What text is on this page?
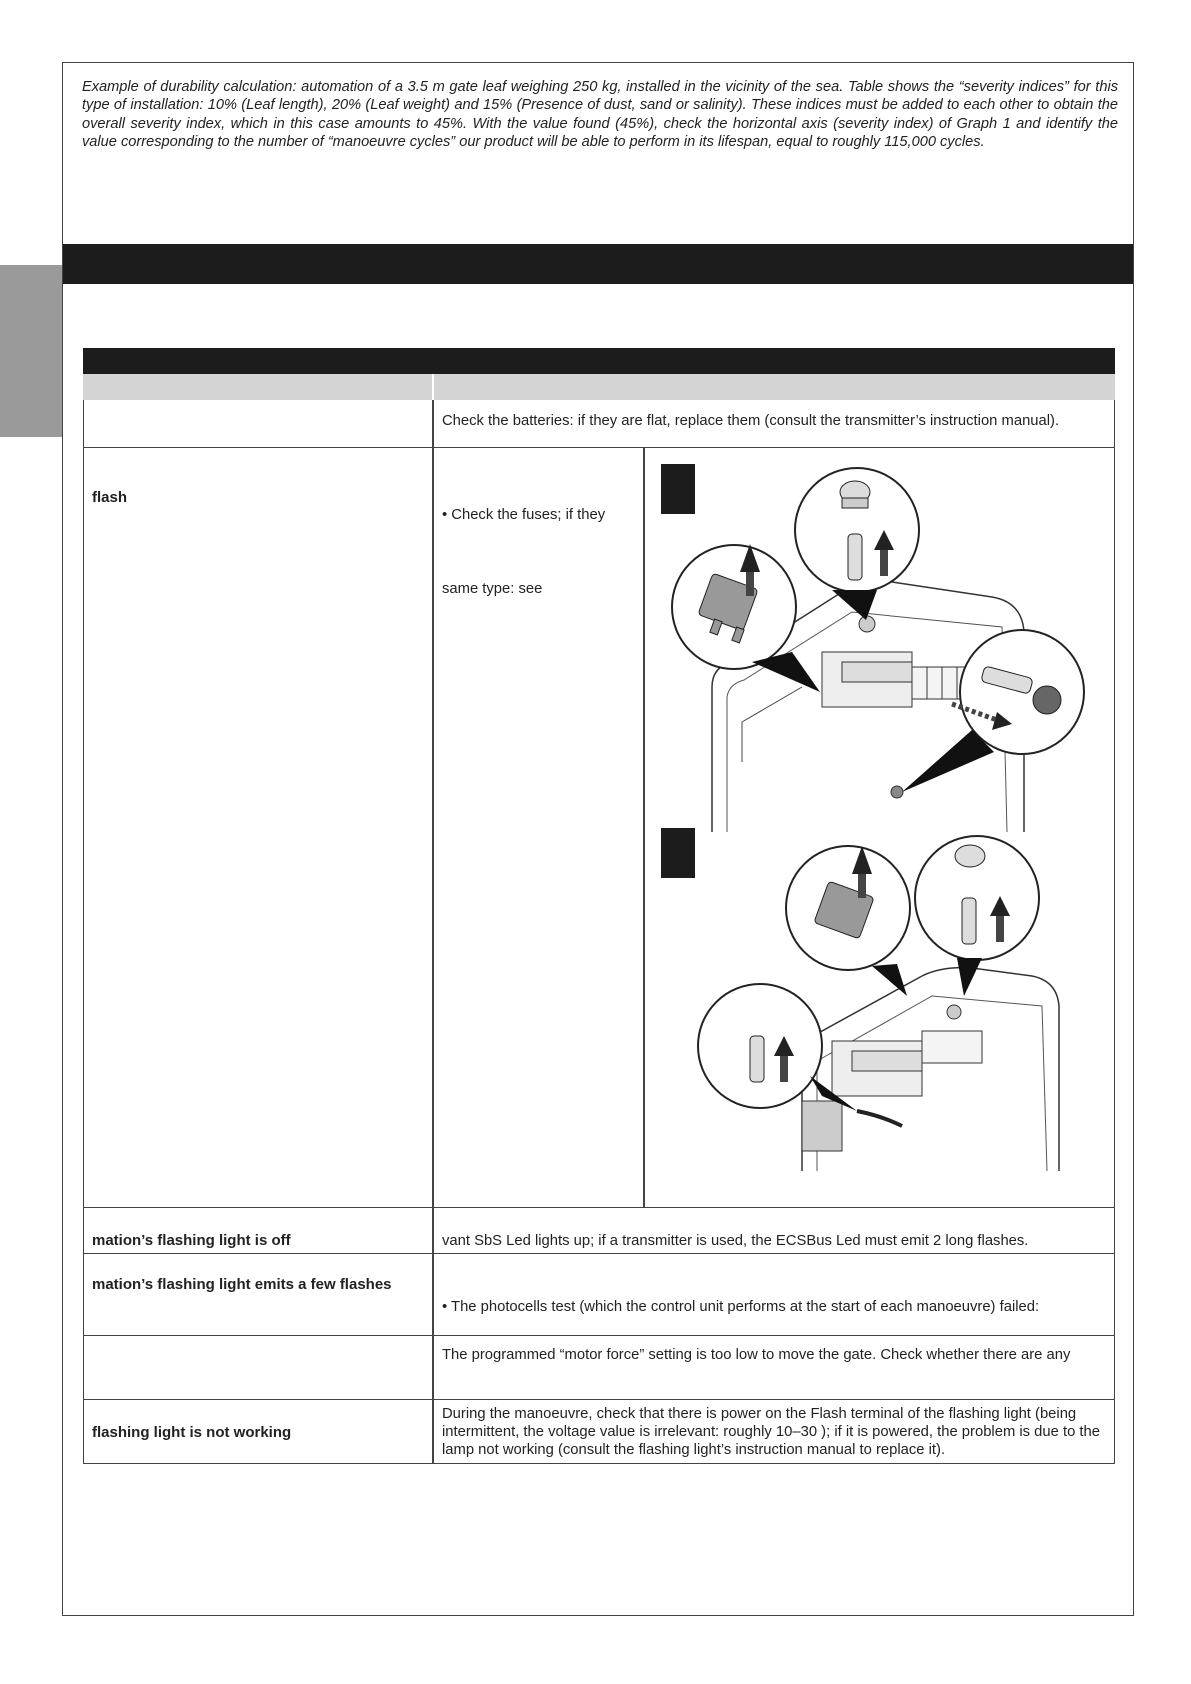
Example of durability calculation: automation of a 3.5 m gate leaf weighing 250 kg, installed in the vicinity of the sea. Table shows the “severity indices” for this type of installation: 10% (Leaf length), 20% (Leaf weight) and 15% (Presence of dust, sand or salinity). These indices must be added to each other to obtain the overall severity index, which in this case amounts to 45%. With the value found (45%), check the horizontal axis (severity index) of Graph 1 and identify the value corresponding to the number of “manoeuvre cycles” our product will be able to perform in its lifespan, equal to roughly 115,000 cycles.
Check the batteries: if they are flat, replace them (consult the transmitter’s instruction manual).
flash
• Check the fuses; if they
same type: see
mation’s flashing light is off	vant SbS Led lights up; if a transmitter is used, the ECSBus Led must emit 2 long flashes.
mation’s flashing light emits a few flashes
• The photocells test (which the control unit performs at the start of each manoeuvre) failed:
The programmed “motor force” setting is too low to move the gate. Check whether there are any
flashing light is not working
During the manoeuvre, check that there is power on the Flash terminal of the flashing light (being intermittent, the voltage value is irrelevant: roughly 10–30 ); if it is powered, the problem is due to the lamp not working (consult the flashing light’s instruction manual to replace it).
